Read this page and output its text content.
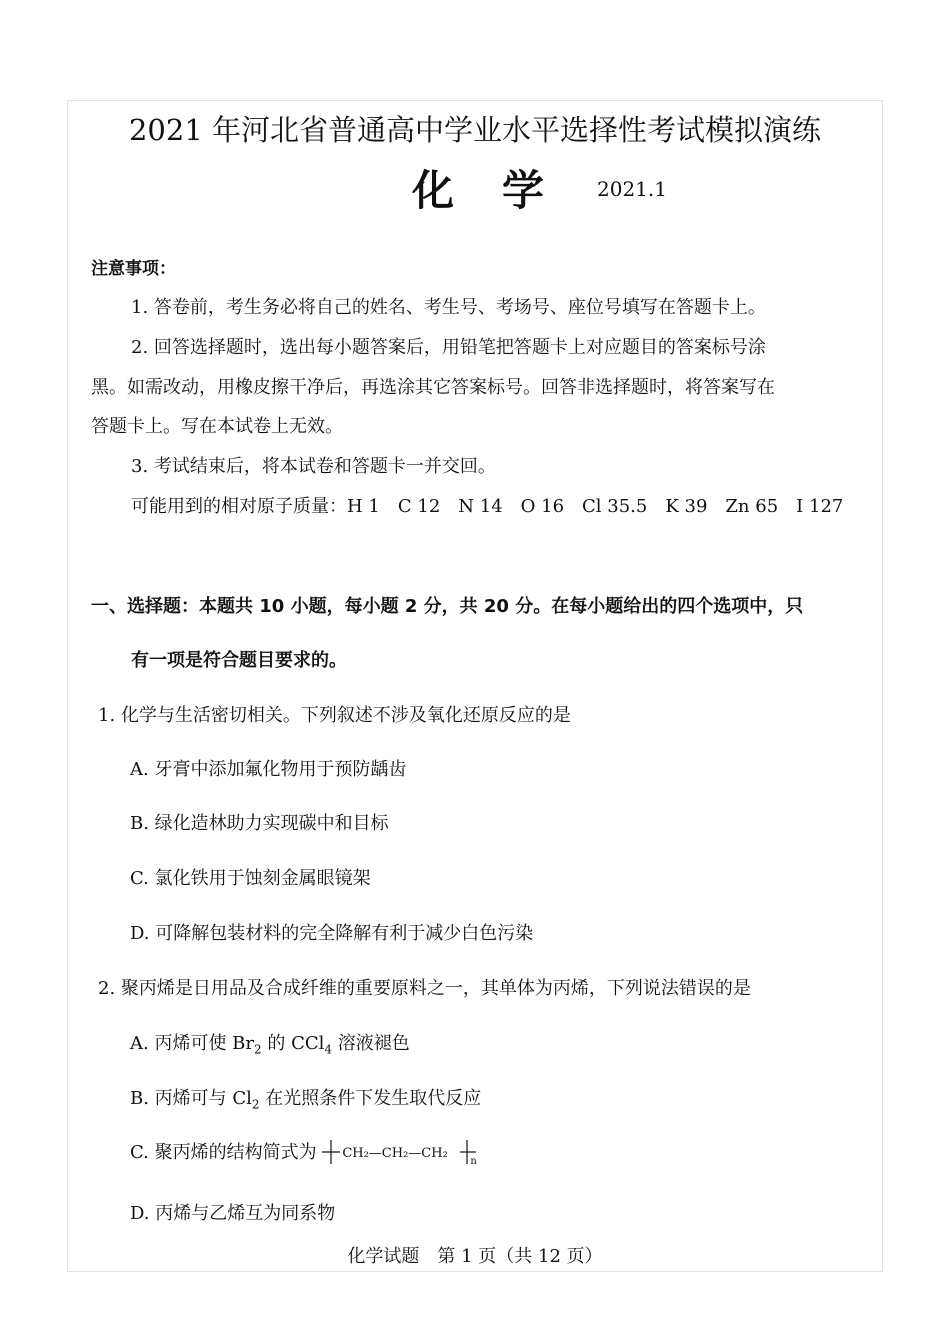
2021 年河北省普通高中学业水平选择性考试模拟演练
化学 2021.1
注意事项：
1. 答卷前，考生务必将自己的姓名、考生号、考场号、座位号填写在答题卡上。
2. 回答选择题时，选出每小题答案后，用铅笔把答题卡上对应题目的答案标号涂
黑。如需改动，用橡皮擦干净后，再选涂其它答案标号。回答非选择题时，将答案写在
答题卡上。写在本试卷上无效。
3. 考试结束后，将本试卷和答题卡一并交回。
可能用到的相对原子质量：H 1　C 12　N 14　O 16　Cl 35.5　K 39　Zn 65　I 127
一、选择题：本题共 10 小题，每小题 2 分，共 20 分。在每小题给出的四个选项中，只
有一项是符合题目要求的。
1. 化学与生活密切相关。下列叙述不涉及氧化还原反应的是
A. 牙膏中添加氟化物用于预防龋齿
B. 绿化造林助力实现碳中和目标
C. 氯化铁用于蚀刻金属眼镜架
D. 可降解包装材料的完全降解有利于减少白色污染
2. 聚丙烯是日用品及合成纤维的重要原料之一，其单体为丙烯，下列说法错误的是
A. 丙烯可使 $Br_2$ 的 CCl$_4$ 溶液褪色
B. 丙烯可与 $Cl_2$ 在光照条件下发生取代反应
C. 聚丙烯的结构简式为 CH₂—CH₂—CH₂
n
D. 丙烯与乙烯互为同系物
化学试题　第 1 页（共 12 页）
